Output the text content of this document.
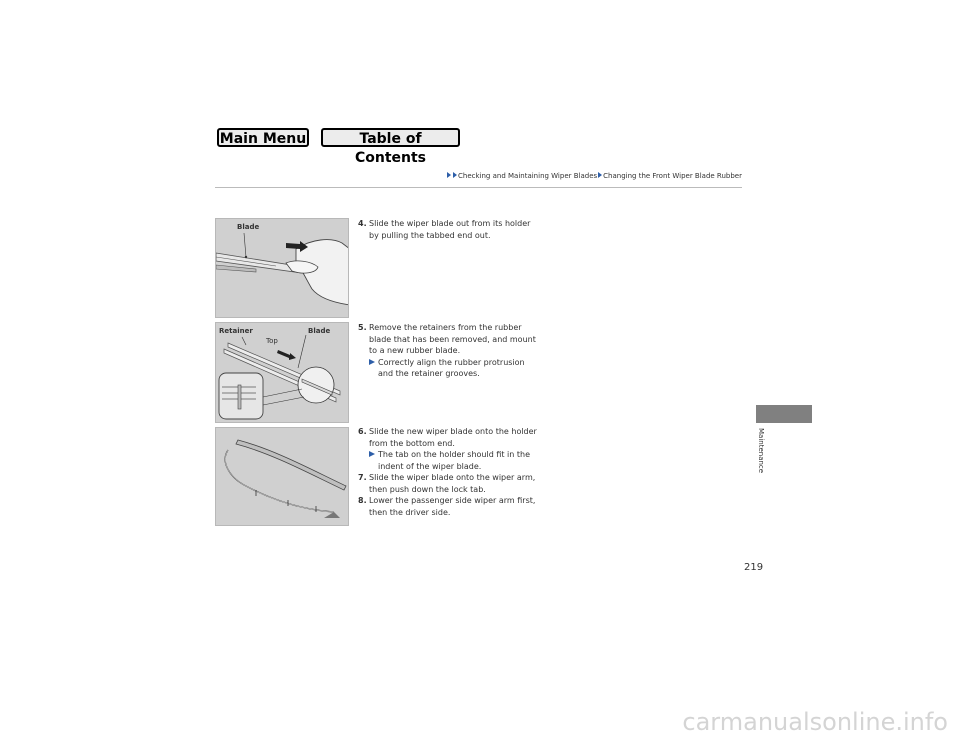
Main Menu	Table of Contents
Checking and Maintaining Wiper Blades Changing the Front Wiper Blade Rubber
Blade
Retainer
Top
Blade
4. Slide the wiper blade out from its holder by pulling the tabbed end out.
5. Remove the retainers from the rubber blade that has been removed, and mount to a new rubber blade.
Correctly align the rubber protrusion and the retainer grooves.
6. Slide the new wiper blade onto the holder from the bottom end.
The tab on the holder should fit in the indent of the wiper blade.
7. Slide the wiper blade onto the wiper arm, then push down the lock tab.
8. Lower the passenger side wiper arm first, then the driver side.
Maintenance
219
carmanualsonline.info
